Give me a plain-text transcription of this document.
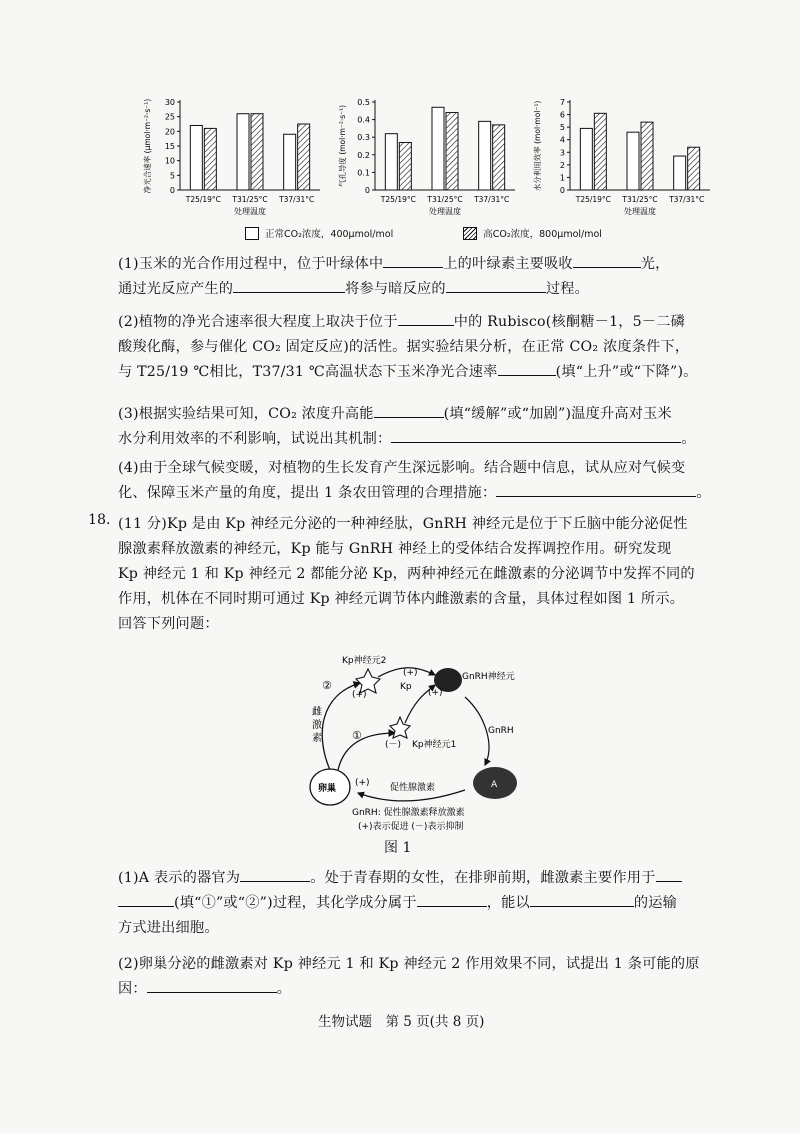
0
5
10
15
20
25
30
净光合速率 (μmol·m⁻²·s⁻¹)
T25/19°C T31/25°C T37/31°C
处理温度
0
0.1
0.2
0.3
0.4
0.5
气孔导度 (mol·m⁻²·s⁻¹)
T25/19°C T31/25°C T37/31°C
处理温度
0
1
2
3
4
5
6
7
水分利用效率 (mol·mol⁻¹)
T25/19°C T31/25°C T37/31°C
处理温度
正常CO₂浓度，400μmol/mol	高CO₂浓度，800μmol/mol
(1)玉米的光合作用过程中，位于叶绿体中	上的叶绿素主要吸收	光，
通过光反应产生的	将参与暗反应的	过程。
(2)植物的净光合速率很大程度上取决于位于	中的 Rubisco(核酮糖－1，5－二磷
酸羧化酶，参与催化 CO₂ 固定反应)的活性。据实验结果分析，在正常 CO₂ 浓度条件下，
与 T25/19 ℃相比，T37/31 ℃高温状态下玉米净光合速率	(填“上升”或“下降”)。
(3)根据实验结果可知，CO₂ 浓度升高能	(填“缓解”或“加剧”)温度升高对玉米
水分利用效率的不利影响，试说出其机制：	。
(4)由于全球气候变暖，对植物的生长发育产生深远影响。结合题中信息，试从应对气候变
化、保障玉米产量的角度，提出 1 条农田管理的合理措施：	。
18. (11 分)Kp 是由 Kp 神经元分泌的一种神经肽，GnRH 神经元是位于下丘脑中能分泌促性
腺激素释放激素的神经元，Kp 能与 GnRH 神经上的受体结合发挥调控作用。研究发现
Kp 神经元 1 和 Kp 神经元 2 都能分泌 Kp，两种神经元在雌激素的分泌调节中发挥不同的
作用，机体在不同时期可通过 Kp 神经元调节体内雌激素的含量，具体过程如图 1 所示。
回答下列问题：
Kp神经元2
GnRH神经元
Kp
GnRH
Kp神经元1
②
①
(+)
(+)
(+)
(－)
(+)
雌激素
卵巢	A
促性腺激素
GnRH: 促性腺激素释放激素
(+)表示促进 (－)表示抑制
图 1
(1)A 表示的器官为	。处于青春期的女性，在排卵前期，雌激素主要作用于
(填“①”或“②”)过程，其化学成分属于	，能以	的运输
方式进出细胞。
(2)卵巢分泌的雌激素对 Kp 神经元 1 和 Kp 神经元 2 作用效果不同，试提出 1 条可能的原
因：	。
生物试题　第 5 页(共 8 页)
